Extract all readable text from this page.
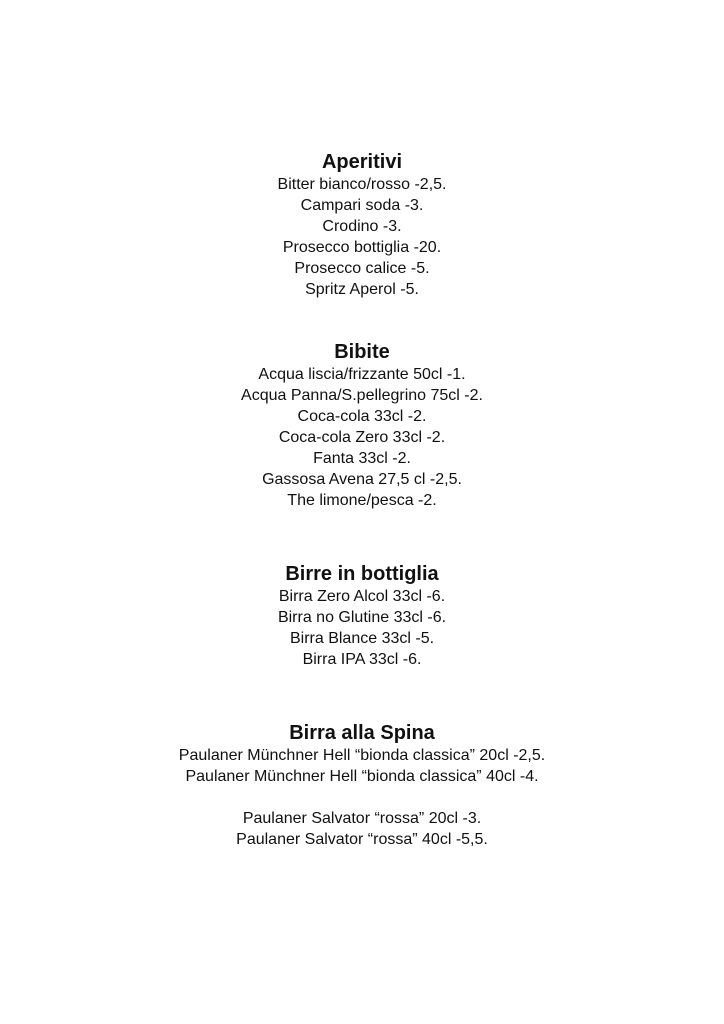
Aperitivi
Bitter bianco/rosso -2,5.
Campari soda -3.
Crodino -3.
Prosecco bottiglia -20.
Prosecco calice -5.
Spritz Aperol -5.
Bibite
Acqua liscia/frizzante 50cl -1.
Acqua Panna/S.pellegrino 75cl -2.
Coca-cola 33cl -2.
Coca-cola Zero 33cl -2.
Fanta 33cl -2.
Gassosa Avena 27,5 cl -2,5.
The limone/pesca -2.
Birre in bottiglia
Birra Zero Alcol 33cl -6.
Birra no Glutine 33cl -6.
Birra Blance 33cl -5.
Birra IPA 33cl -6.
Birra alla Spina
Paulaner Münchner Hell “bionda classica” 20cl -2,5.
Paulaner Münchner Hell “bionda classica” 40cl -4.
Paulaner Salvator “rossa” 20cl -3.
Paulaner Salvator “rossa” 40cl -5,5.
